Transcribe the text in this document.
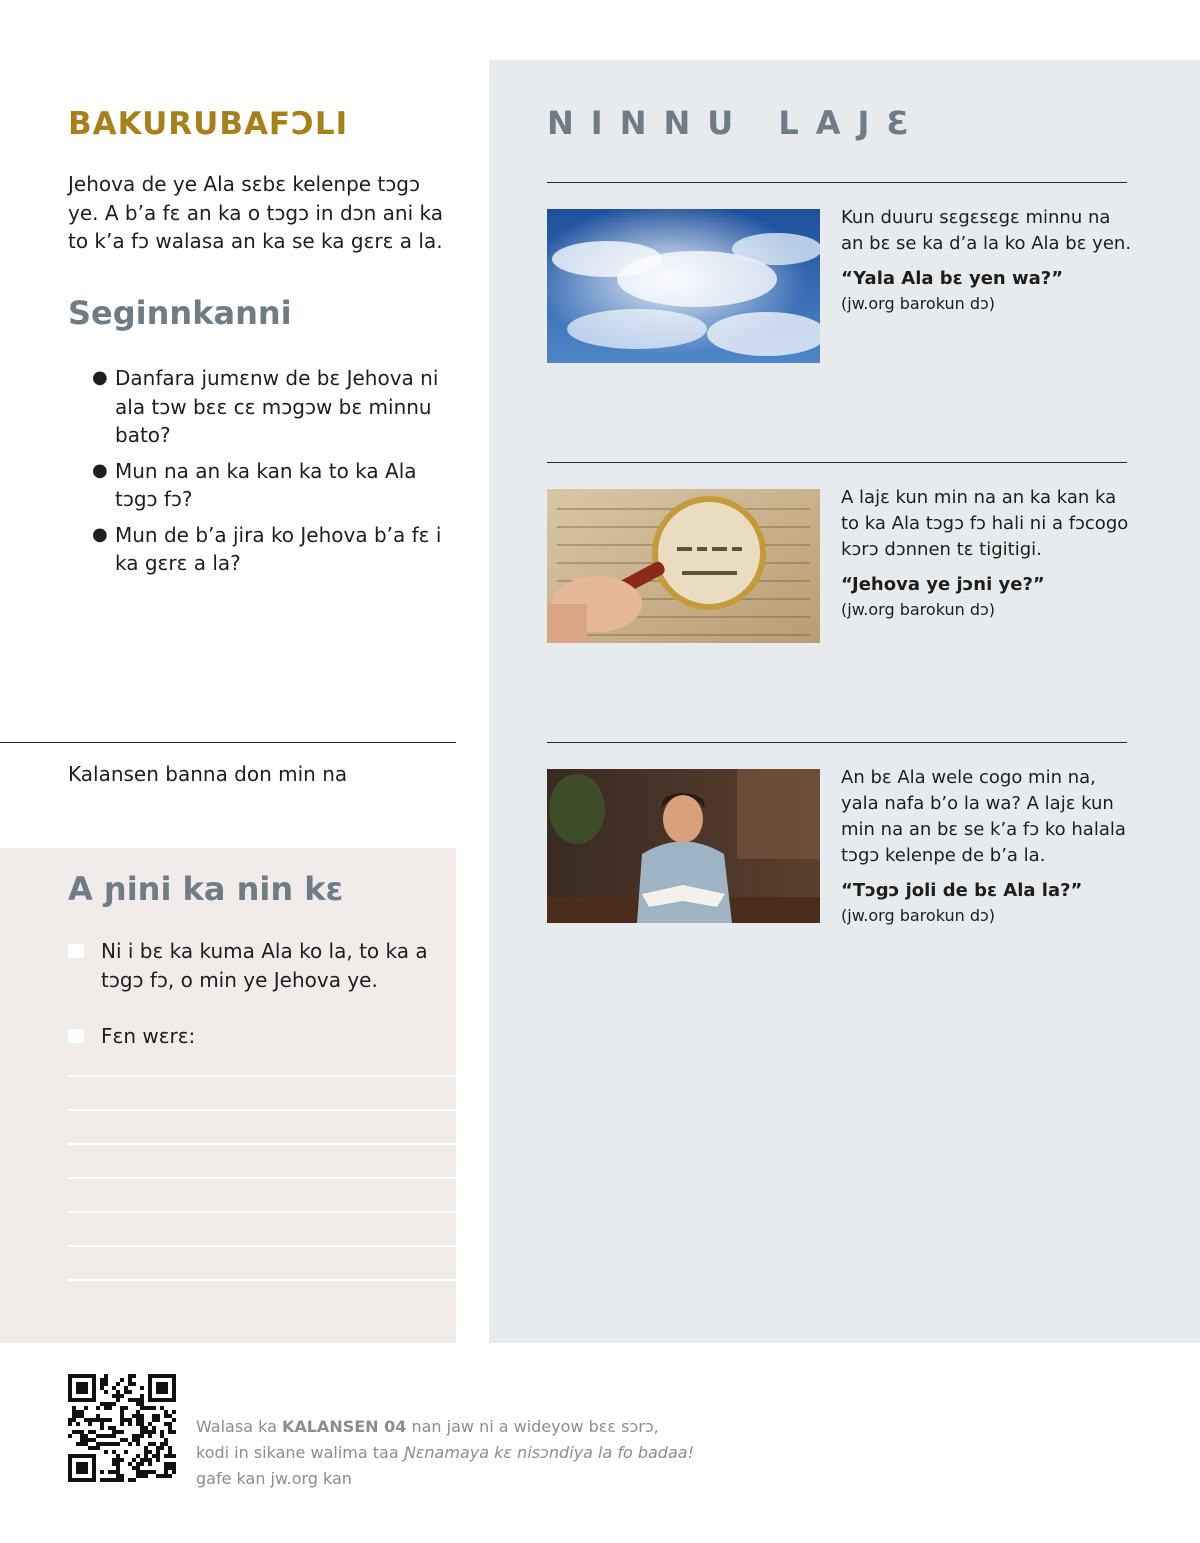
BAKURUBAFƆLI

Jehova de ye Ala sɛbɛ kelenpe tɔgɔ ye. A b’a fɛ an ka o tɔgɔ in dɔn ani ka to k’a fɔ walasa an ka se ka gɛrɛ a la.

Seginnkanni
● Danfara jumɛnw de bɛ Jehova ni ala tɔw bɛɛ cɛ mɔgɔw bɛ minnu bato?
● Mun na an ka kan ka to ka Ala tɔgɔ fɔ?
● Mun de b’a jira ko Jehova b’a fɛ i ka gɛrɛ a la?

Kalansen banna don min na

A ɲini ka nin kɛ
Ni i bɛ ka kuma Ala ko la, to ka a tɔgɔ fɔ, o min ye Jehova ye.
Fɛn wɛrɛ:
NINNU LAJƐ

Kun duuru sɛgɛsɛgɛ minnu na an bɛ se ka d’a la ko Ala bɛ yen.

“Yala Ala bɛ yen wa?”

(jw.org barokun dɔ)

A lajɛ kun min na an ka kan ka to ka Ala tɔgɔ fɔ hali ni a fɔcogo kɔrɔ dɔnnen tɛ tigitigi.

“Jehova ye jɔni ye?”

(jw.org barokun dɔ)

An bɛ Ala wele cogo min na, yala nafa b’o la wa? A lajɛ kun min na an bɛ se k’a fɔ ko halala tɔgɔ kelenpe de b’a la.

“Tɔgɔ joli de bɛ Ala la?”

(jw.org barokun dɔ)

Walasa ka KALANSEN 04 nan jaw ni a wideyow bɛɛ sɔrɔ,
kodi in sikane walima taa Ɲɛnamaya kɛ nisɔndiya la fo badaa!
gafe kan jw.org kan
